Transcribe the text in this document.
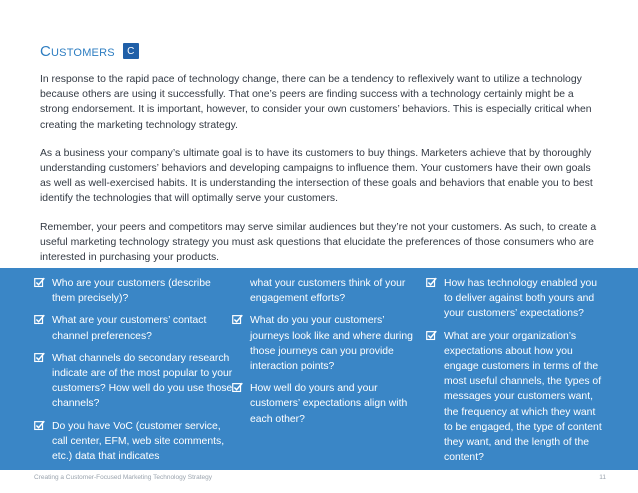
Customers	C

In response to the rapid pace of technology change, there can be a tendency to reflexively want to utilize a technology because others are using it successfully. That one’s peers are finding success with a technology certainly might be a strong endorsement. It is important, however, to consider your own customers’ behaviors. This is especially critical when creating the marketing technology strategy.

As a business your company’s ultimate goal is to have its customers to buy things. Marketers achieve that by thoroughly understanding customers’ behaviors and developing campaigns to influence them. Your customers have their own goals as well as well-exercised habits. It is understanding the intersection of these goals and behaviors that enable you to best identify the technologies that will optimally serve your customers.

Remember, your peers and competitors may serve similar audiences but they’re not your customers. As such, to create a useful marketing technology strategy you must ask questions that elucidate the preferences of those consumers who are interested in purchasing your products.

Who are your customers (describe them precisely)?
What are your customers’ contact channel preferences?
What channels do secondary research indicate are of the most popular to your customers? How well do you use those channels?
Do you have VoC (customer service, call center, EFM, web site comments, etc.) data that indicates
what your customers think of your engagement efforts?
What do you your customers’ journeys look like and where during those journeys can you provide interaction points?
How well do yours and your customers’ expectations align with each other?
How has technology enabled you to deliver against both yours and your customers’ expectations?
What are your organization’s expectations about how you engage customers in terms of the most useful channels, the types of messages your customers want, the frequency at which they want to be engaged, the type of content they want, and the length of the content?
Creating a Customer-Focused Marketing Technology Strategy	11
